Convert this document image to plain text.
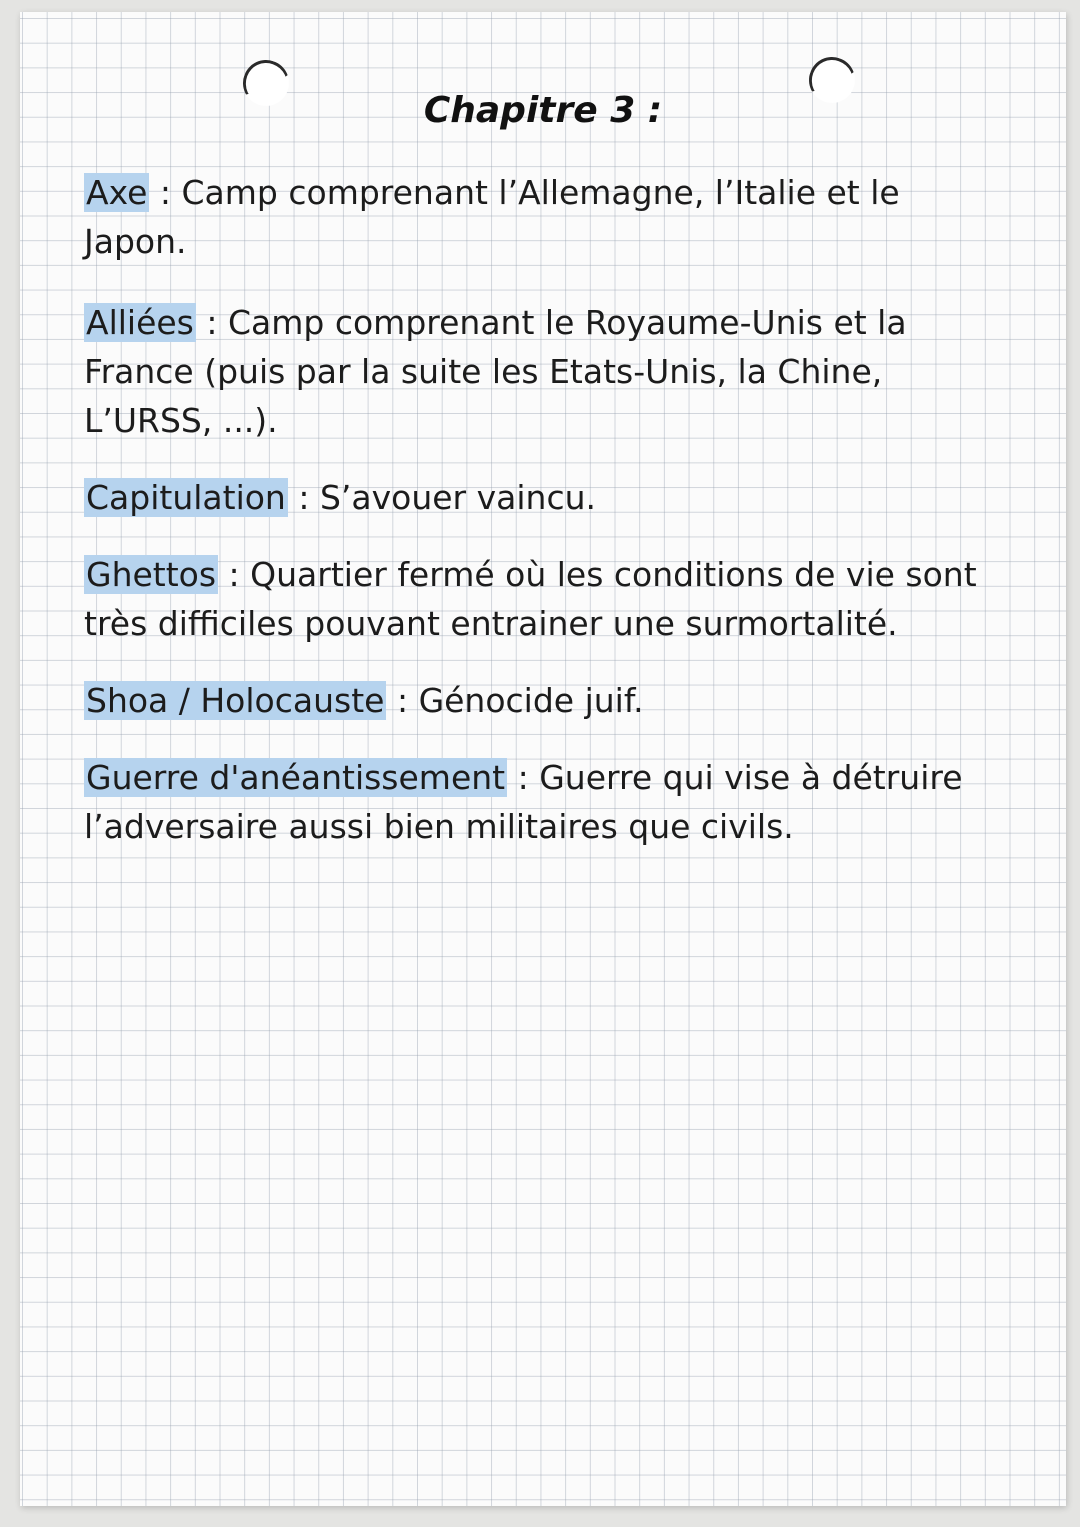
Chapitre 3 :

Axe : Camp comprenant l’Allemagne, l’Italie et le Japon.

Alliées : Camp comprenant le Royaume-Unis et la France (puis par la suite les Etats-Unis, la Chine, L’URSS, ...).

Capitulation : S’avouer vaincu.

Ghettos : Quartier fermé où les conditions de vie sont très difficiles pouvant entrainer une surmortalité.

Shoa / Holocauste : Génocide juif.

Guerre d'anéantissement : Guerre qui vise à détruire l’adversaire aussi bien militaires que civils.
